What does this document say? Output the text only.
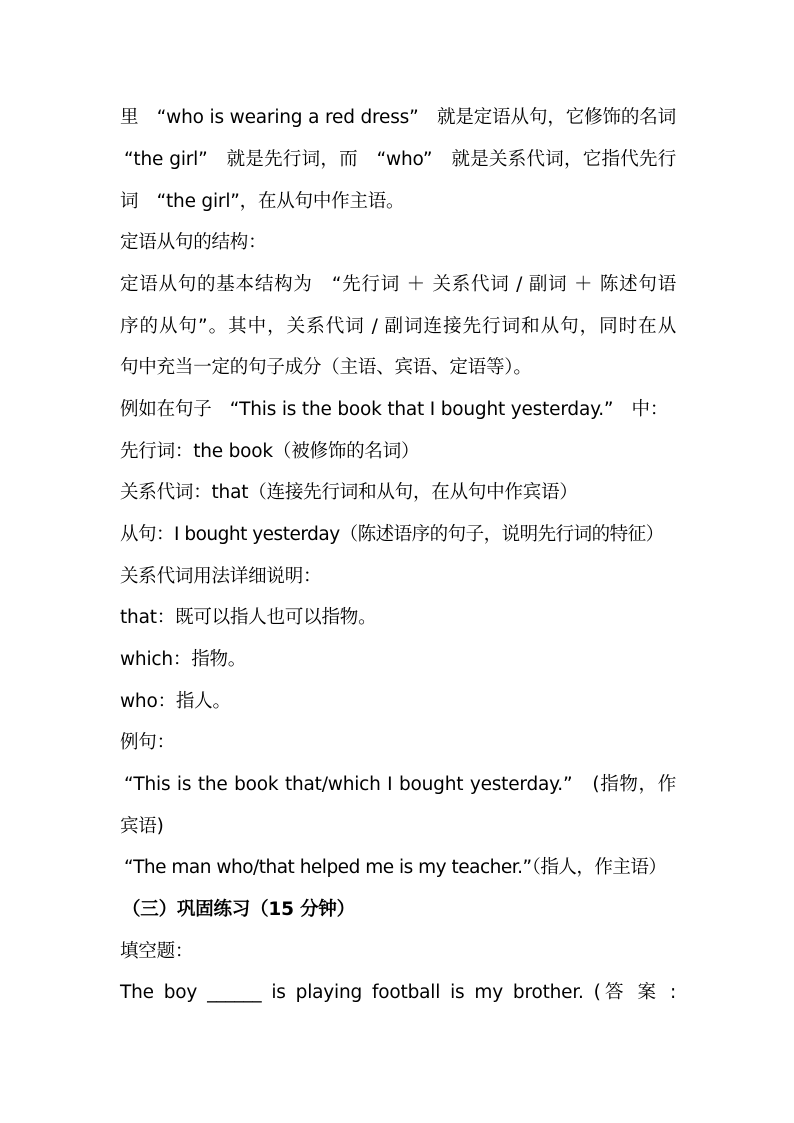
里　“who is wearing a red dress”　就是定语从句，它修饰的名词
“the girl”　就是先行词，而　“who”　就是关系代词，它指代先行
词　“the girl”，在从句中作主语。
定语从句的结构：
定语从句的基本结构为　“先行词 ＋ 关系代词 / 副词 ＋ 陈述句语
序的从句”。其中，关系代词 / 副词连接先行词和从句，同时在从
句中充当一定的句子成分（主语、宾语、定语等）。
例如在句子　“This is the book that I bought yesterday.”　中：
先行词：the book（被修饰的名词）
关系代词：that（连接先行词和从句，在从句中作宾语）
从句：I bought yesterday（陈述语序的句子，说明先行词的特征）
关系代词用法详细说明：
that：既可以指人也可以指物。
which：指物。
who：指人。
例句：
“This is the book that/which I bought yesterday.”　(指物，作
宾语)
“The man who/that helped me is my teacher.”（指人，作主语）
（三）巩固练习（15 分钟）
填空题：
The boy ______ is playing football is my brother. (答 案 :
